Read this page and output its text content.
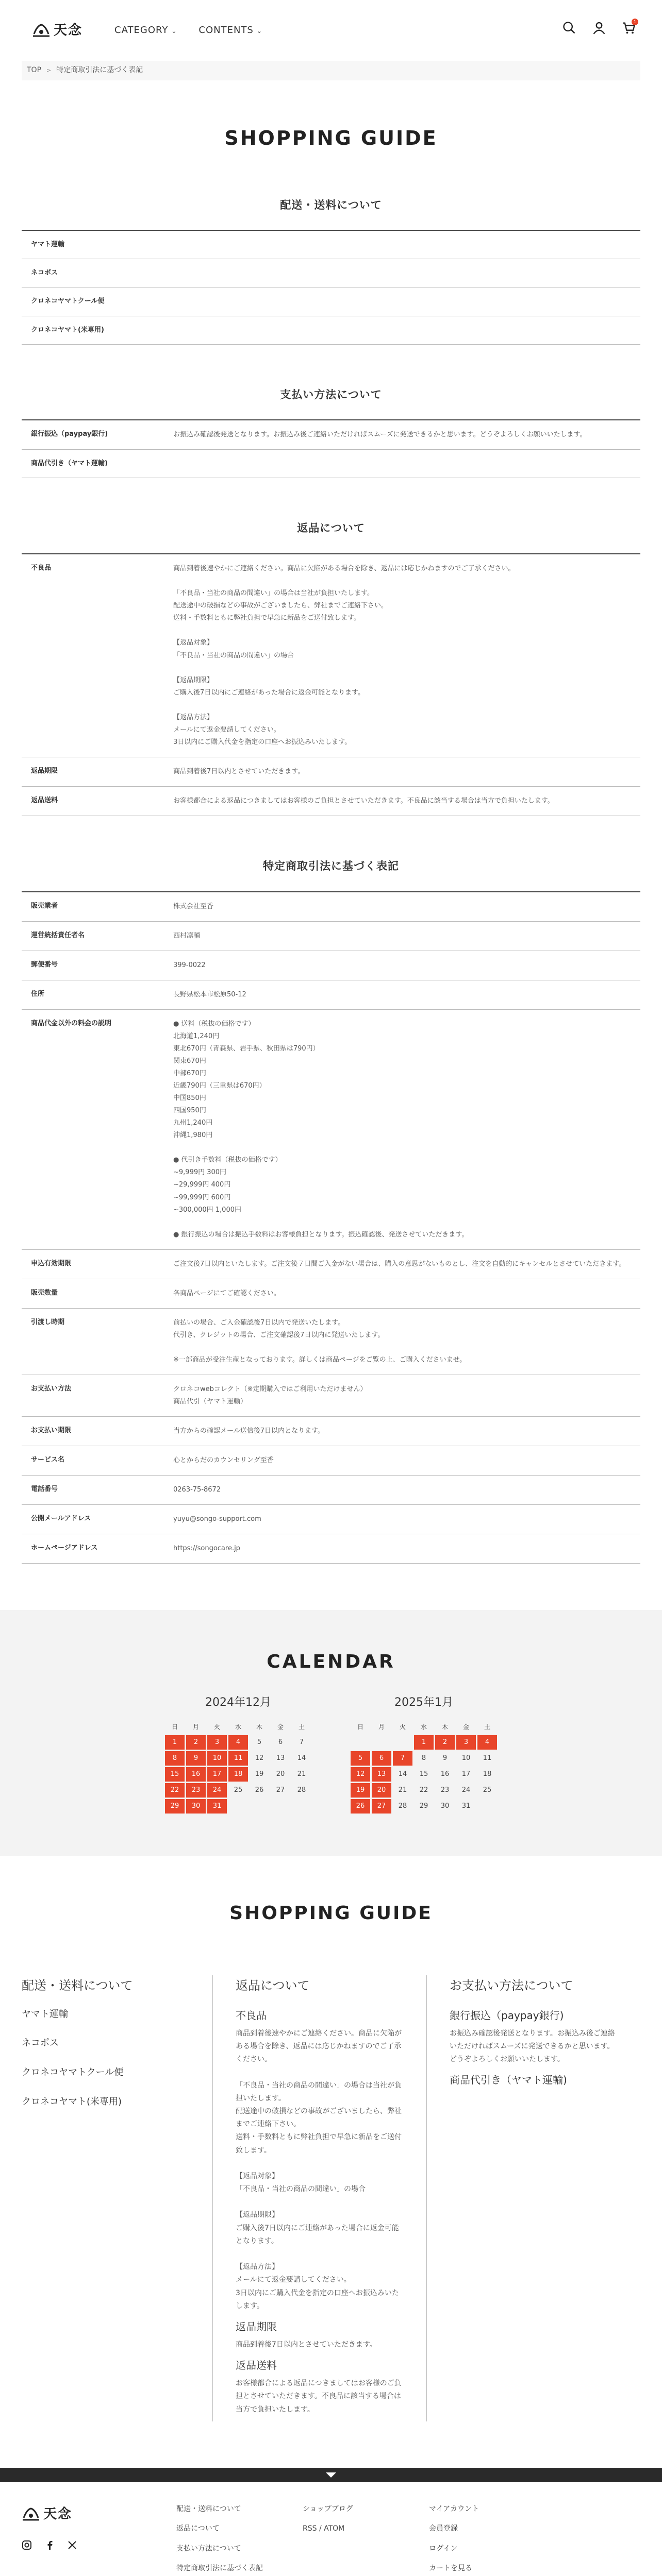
天念	CATEGORY ⌄ CONTENTS ⌄
1
TOP > 特定商取引法に基づく表記
SHOPPING GUIDE
配送・送料について
ヤマト運輸
ネコポス
クロネコヤマトクール便
クロネコヤマト(米専用)
支払い方法について
銀行振込（paypay銀行)	お振込み確認後発送となります。お振込み後ご連絡いただければスムーズに発送できるかと思います。どうぞよろしくお願いいたします。
商品代引き（ヤマト運輸)
返品について
不良品	商品到着後速やかにご連絡ください。商品に欠陥がある場合を除き、返品には応じかねますのでご了承ください。

「不良品・当社の商品の間違い」の場合は当社が負担いたします。
配送途中の破損などの事故がございましたら、弊社までご連絡下さい。
送料・手数料ともに弊社負担で早急に新品をご送付致します。

【返品対象】
「不良品・当社の商品の間違い」の場合

【返品期限】
ご購入後7日以内にご連絡があった場合に返金可能となります。

【返品方法】
メールにて返金要請してください。
3日以内にご購入代金を指定の口座へお振込みいたします。
返品期限	商品到着後7日以内とさせていただきます。
返品送料	お客様都合による返品につきましてはお客様のご負担とさせていただきます。不良品に該当する場合は当方で負担いたします。
特定商取引法に基づく表記
販売業者	株式会社至香
運営統括責任者名	西村凛輔
郵便番号	399-0022
住所	長野県松本市松原50-12
商品代金以外の料金の説明	● 送料（税抜の価格です）
北海道1,240円
東北670円（青森県、岩手県、秋田県は790円）
関東670円
中部670円
近畿790円（三重県は670円）
中国850円
四国950円
九州1,240円
沖縄1,980円

● 代引き手数料（税抜の価格です）
~9,999円 300円
~29,999円 400円
~99,999円 600円
~300,000円 1,000円

● 銀行振込の場合は振込手数料はお客様負担となります。振込確認後、発送させていただきます。
申込有効期限	ご注文後7日以内といたします。ご注文後７日間ご入金がない場合は、購入の意思がないものとし、注文を自動的にキャンセルとさせていただきます。
販売数量	各商品ページにてご確認ください。
引渡し時期	前払いの場合、ご入金確認後7日以内で発送いたします。
代引き、クレジットの場合、ご注文確認後7日以内に発送いたします。

※一部商品が受注生産となっております。詳しくは商品ページをご覧の上、ご購入くださいませ。
お支払い方法	クロネコwebコレクト（※定期購入ではご利用いただけません）
商品代引（ヤマト運輸）
お支払い期限	当方からの確認メール送信後7日以内となります。
サービス名	心とからだのカウンセリング至香
電話番号	0263-75-8672
公開メールアドレス	yuyu@songo-support.com
ホームページアドレス	https://songocare.jp
CALENDAR
2024年12月
日	月	火	水	木	金	土
1	2	3	4	5	6	7
8	9	10	11	12	13	14
15	16	17	18	19	20	21
22	23	24	25	26	27	28
29	30	31				
2025年1月
日	月	火	水	木	金	土
			1	2	3	4
5	6	7	8	9	10	11
12	13	14	15	16	17	18
19	20	21	22	23	24	25
26	27	28	29	30	31	
SHOPPING GUIDE
配送・送料について
ヤマト運輸
ネコポス
クロネコヤマトクール便
クロネコヤマト(米専用)
返品について
不良品
商品到着後速やかにご連絡ください。商品に欠陥がある場合を除き、返品には応じかねますのでご了承ください。

「不良品・当社の商品の間違い」の場合は当社が負担いたします。
配送途中の破損などの事故がございましたら、弊社までご連絡下さい。
送料・手数料ともに弊社負担で早急に新品をご送付致します。

【返品対象】
「不良品・当社の商品の間違い」の場合

【返品期限】
ご購入後7日以内にご連絡があった場合に返金可能となります。

【返品方法】
メールにて返金要請してください。
3日以内にご購入代金を指定の口座へお振込みいたします。
返品期限
商品到着後7日以内とさせていただきます。
返品送料
お客様都合による返品につきましてはお客様のご負担とさせていただきます。不良品に該当する場合は当方で負担いたします。
お支払い方法について
銀行振込（paypay銀行)
お振込み確認後発送となります。お振込み後ご連絡いただければスムーズに発送できるかと思います。どうぞよろしくお願いいたします。
商品代引き（ヤマト運輸)
天念	配送・送料について
返品について
支払い方法について
特定商取引法に基づく表記
ショップブログ
RSS / ATOM
マイアカウント
会員登録
ログイン
カートを見る
